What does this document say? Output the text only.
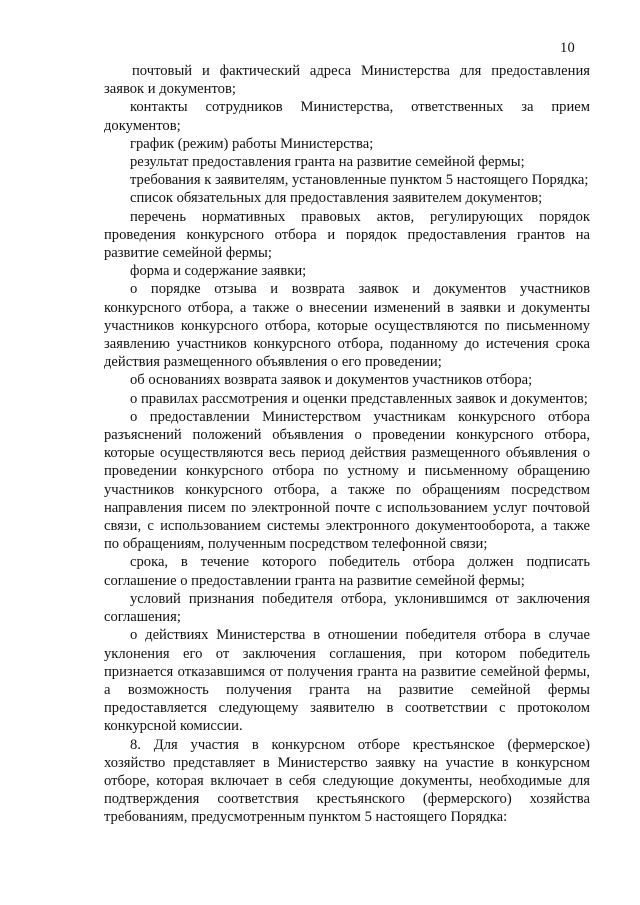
10

почтовый и фактический адреса Министерства для предоставления заявок и документов;

контакты сотрудников Министерства, ответственных за прием документов;

график (режим) работы Министерства;

результат предоставления гранта на развитие семейной фермы;

требования к заявителям, установленные пунктом 5 настоящего Порядка;

список обязательных для предоставления заявителем документов;

перечень нормативных правовых актов, регулирующих порядок проведения конкурсного отбора и порядок предоставления грантов на развитие семейной фермы;

форма и содержание заявки;

о порядке отзыва и возврата заявок и документов участников конкурсного отбора, а также о внесении изменений в заявки и документы участников конкурсного отбора, которые осуществляются по письменному заявлению участников конкурсного отбора, поданному до истечения срока действия размещенного объявления о его проведении;

об основаниях возврата заявок и документов участников отбора;

о правилах рассмотрения и оценки представленных заявок и документов;

о предоставлении Министерством участникам конкурсного отбора разъяснений положений объявления о проведении конкурсного отбора, которые осуществляются весь период действия размещенного объявления о проведении конкурсного отбора по устному и письменному обращению участников конкурсного отбора, а также по обращениям посредством направления писем по электронной почте с использованием услуг почтовой связи, с использованием системы электронного документооборота, а также по обращениям, полученным посредством телефонной связи;

срока, в течение которого победитель отбора должен подписать соглашение о предоставлении гранта на развитие семейной фермы;

условий признания победителя отбора, уклонившимся от заключения соглашения;

о действиях Министерства в отношении победителя отбора в случае уклонения его от заключения соглашения, при котором победитель признается отказавшимся от получения гранта на развитие семейной фермы, а возможность получения гранта на развитие семейной фермы предоставляется следующему заявителю в соответствии с протоколом конкурсной комиссии.

8. Для участия в конкурсном отборе крестьянское (фермерское) хозяйство представляет в Министерство заявку на участие в конкурсном отборе, которая включает в себя следующие документы, необходимые для подтверждения соответствия крестьянского (фермерского) хозяйства требованиям, предусмотренным пунктом 5 настоящего Порядка:
